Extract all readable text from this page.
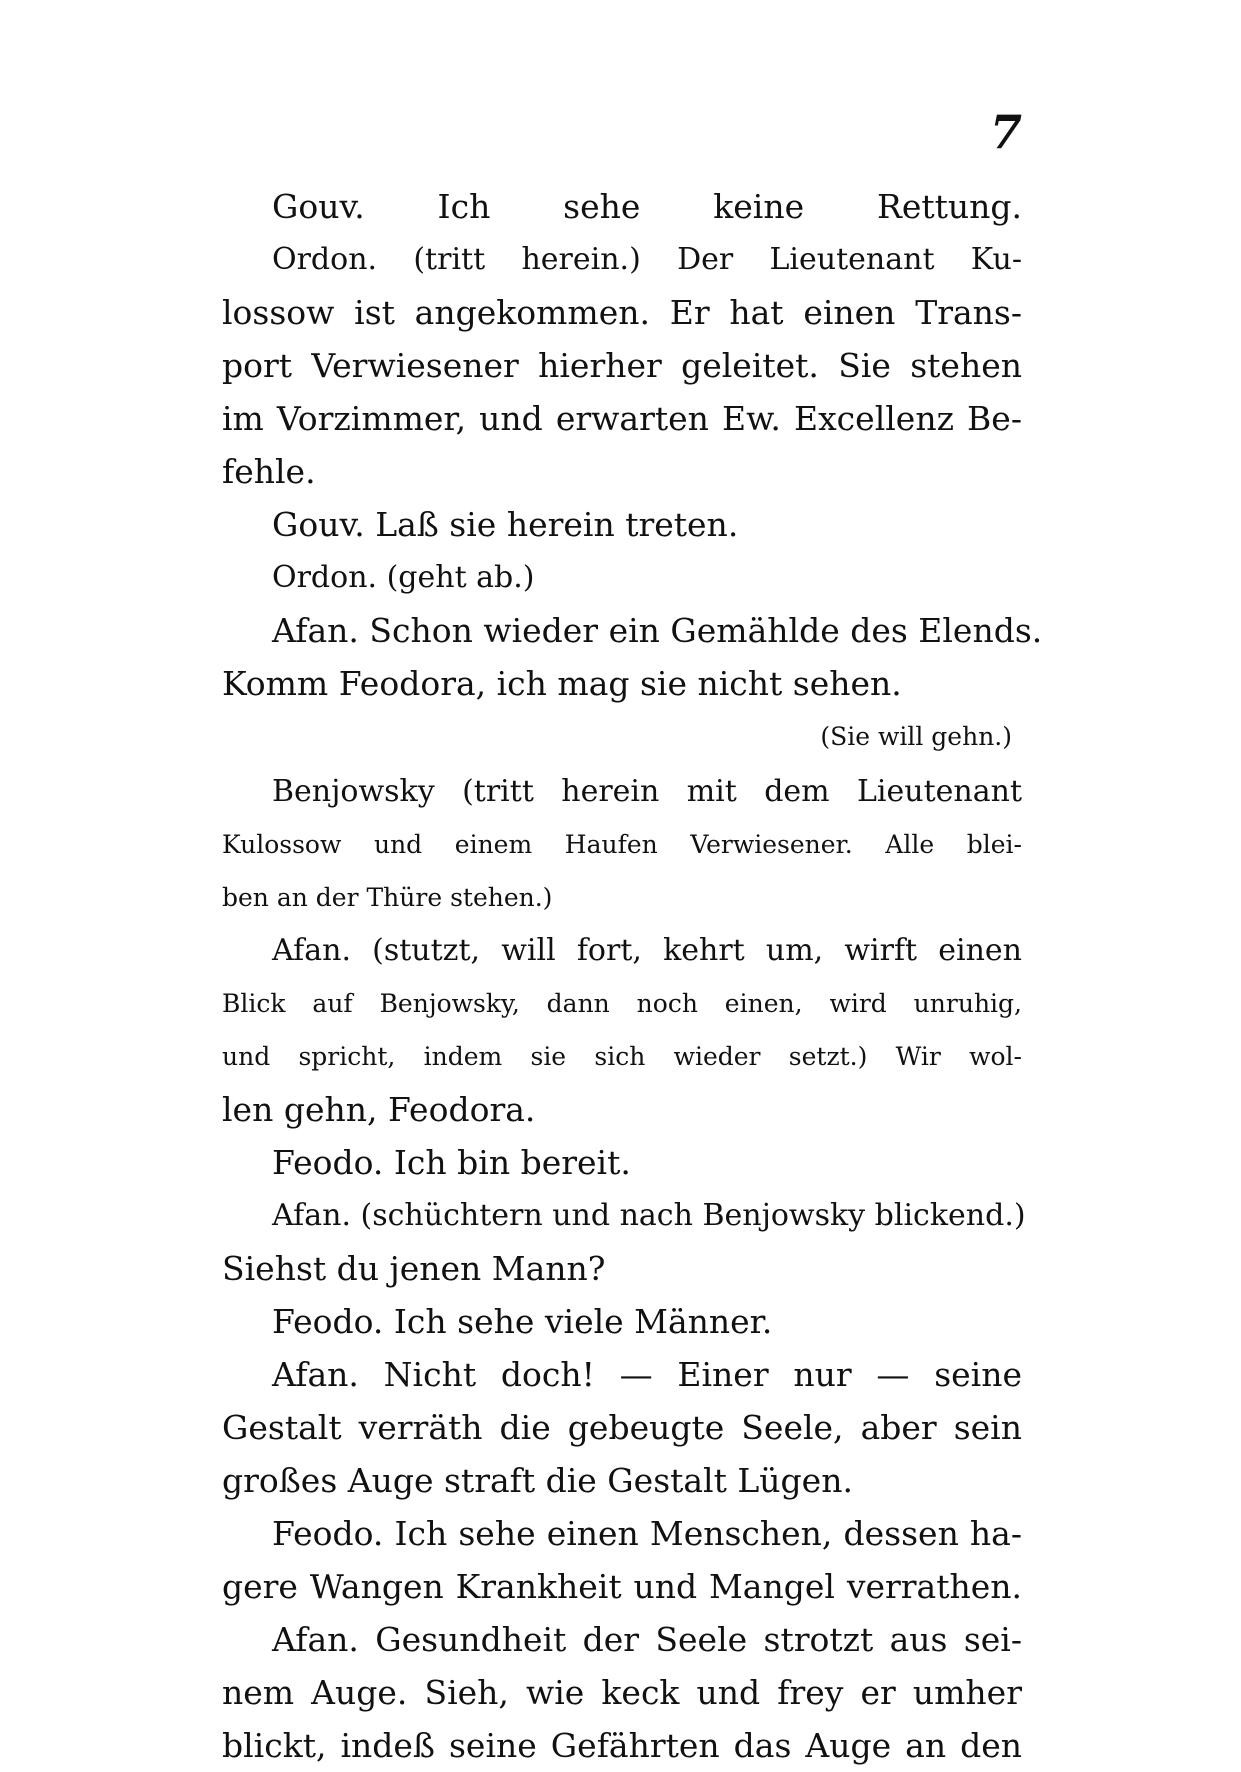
7
Gouv. Ich sehe keine Rettung.
Ordon. (tritt herein.) Der Lieutenant Ku-
lossow ist angekommen. Er hat einen Trans-
port Verwiesener hierher geleitet. Sie stehen
im Vorzimmer, und erwarten Ew. Excellenz Be-
fehle.
Gouv. Laß sie herein treten.
Ordon. (geht ab.)
Afan. Schon wieder ein Gemählde des Elends.
Komm Feodora, ich mag sie nicht sehen.
(Sie will gehn.)
Benjowsky (tritt herein mit dem Lieutenant
Kulossow und einem Haufen Verwiesener. Alle blei-
ben an der Thüre stehen.)
Afan. (stutzt, will fort, kehrt um, wirft einen
Blick auf Benjowsky, dann noch einen, wird unruhig,
und spricht, indem sie sich wieder setzt.) Wir wol-
len gehn, Feodora.
Feodo. Ich bin bereit.
Afan. (schüchtern und nach Benjowsky blickend.)
Siehst du jenen Mann?
Feodo. Ich sehe viele Männer.
Afan. Nicht doch! — Einer nur — seine
Gestalt verräth die gebeugte Seele, aber sein
großes Auge straft die Gestalt Lügen.
Feodo. Ich sehe einen Menschen, dessen ha-
gere Wangen Krankheit und Mangel verrathen.
Afan. Gesundheit der Seele strotzt aus sei-
nem Auge. Sieh, wie keck und frey er umher
blickt, indeß seine Gefährten das Auge an den
